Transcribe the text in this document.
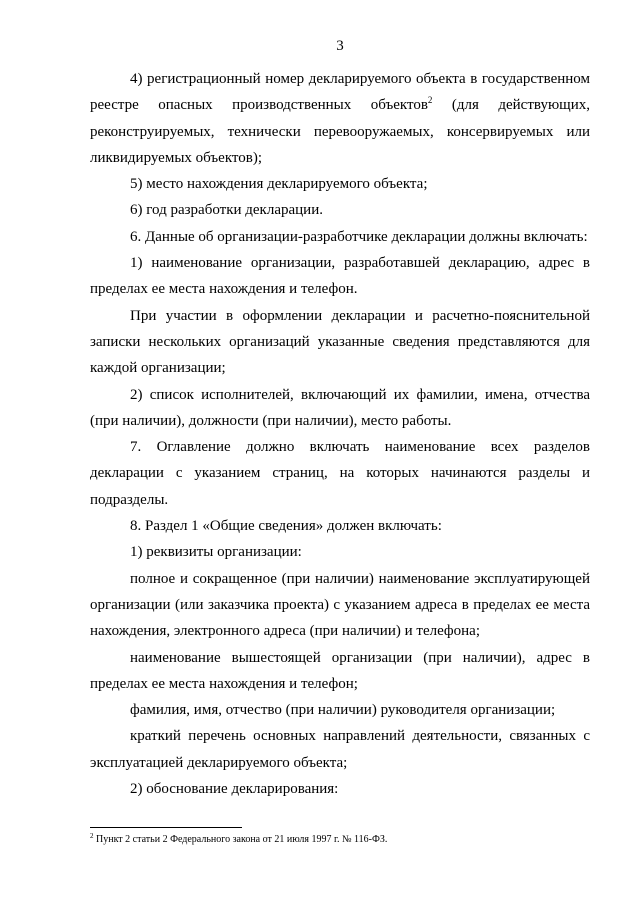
3

4) регистрационный номер декларируемого объекта в государственном реестре опасных производственных объектов$^2$ (для действующих, реконструируемых, технически перевооружаемых, консервируемых или ликвидируемых объектов);

5) место нахождения декларируемого объекта;

6) год разработки декларации.

6. Данные об организации-разработчике декларации должны включать:

1) наименование организации, разработавшей декларацию, адрес в пределах ее места нахождения и телефон.

При участии в оформлении декларации и расчетно-пояснительной записки нескольких организаций указанные сведения представляются для каждой организации;

2) список исполнителей, включающий их фамилии, имена, отчества (при наличии), должности (при наличии), место работы.

7. Оглавление должно включать наименование всех разделов декларации с указанием страниц, на которых начинаются разделы и подразделы.

8. Раздел 1 «Общие сведения» должен включать:

1) реквизиты организации:

полное и сокращенное (при наличии) наименование эксплуатирующей организации (или заказчика проекта) с указанием адреса в пределах ее места нахождения, электронного адреса (при наличии) и телефона;

наименование вышестоящей организации (при наличии), адрес в пределах ее места нахождения и телефон;

фамилия, имя, отчество (при наличии) руководителя организации;

краткий перечень основных направлений деятельности, связанных с эксплуатацией декларируемого объекта;

2) обоснование декларирования:

$^2$ Пункт 2 статьи 2 Федерального закона от 21 июля 1997 г. № 116-ФЗ.
